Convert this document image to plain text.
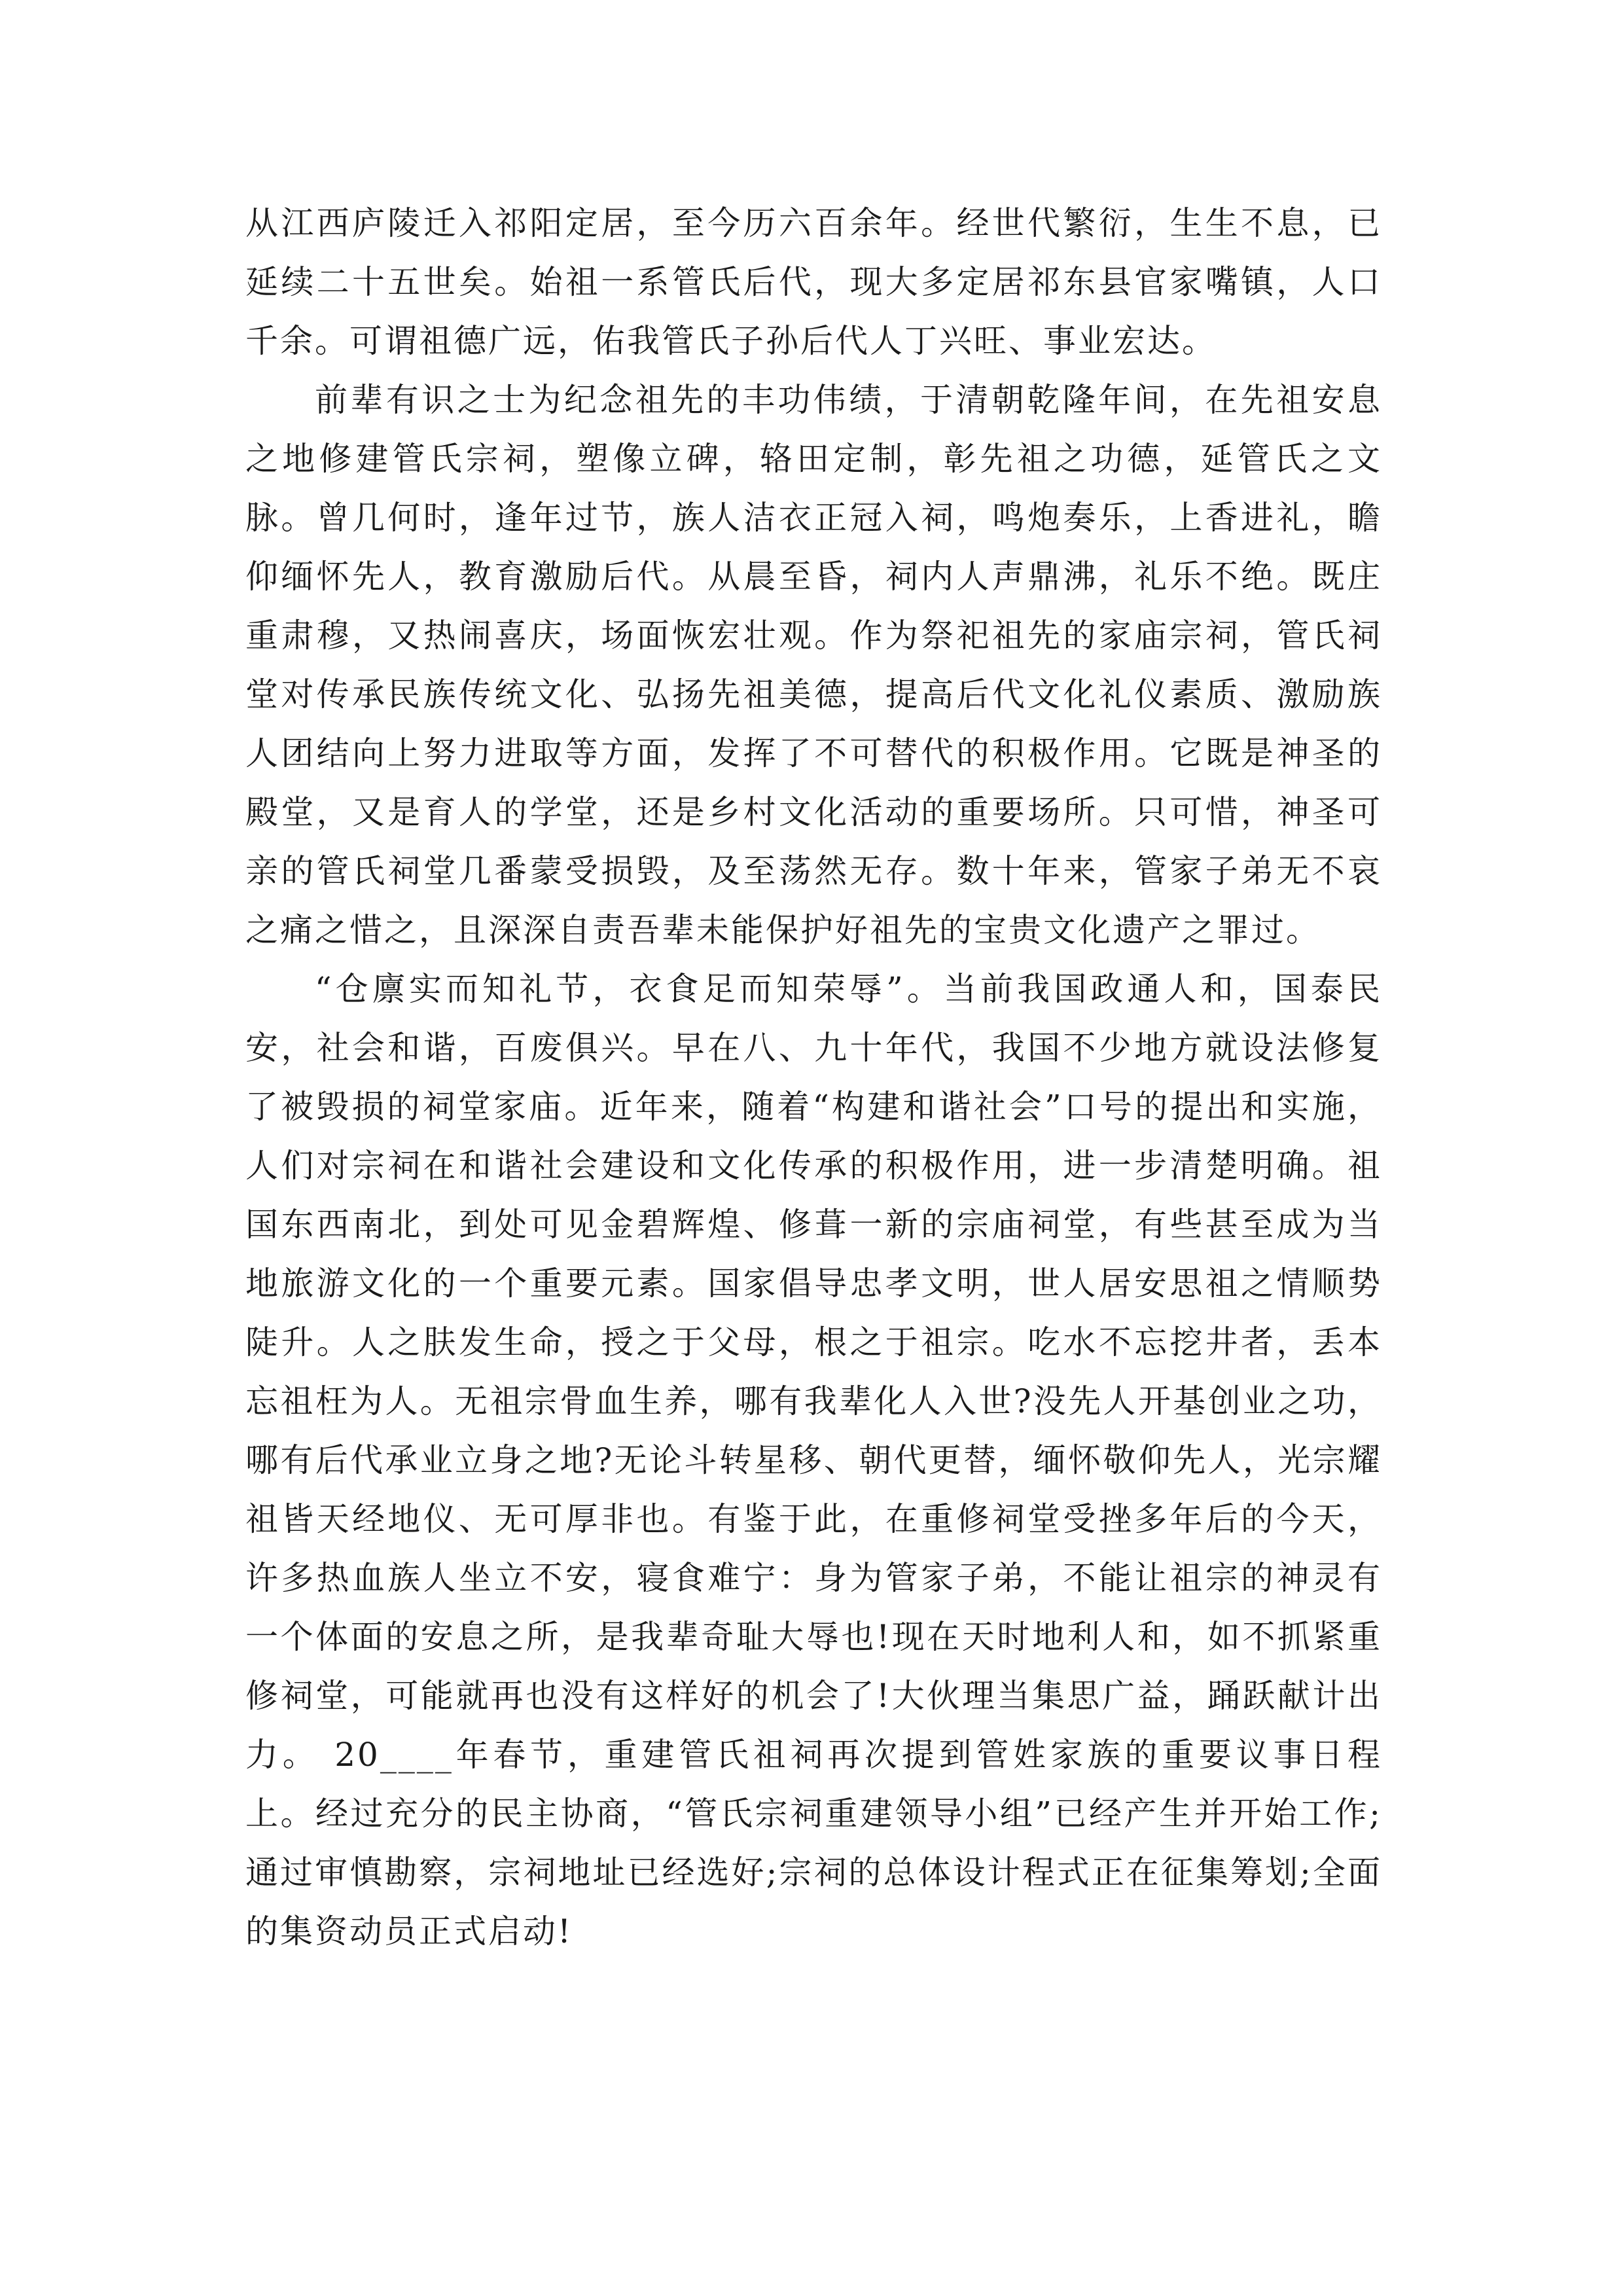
从江西庐陵迁入祁阳定居，至今历六百余年。经世代繁衍，生生不息，已延续二十五世矣。始祖一系管氏后代，现大多定居祁东县官家嘴镇，人口千余。可谓祖德广远，佑我管氏子孙后代人丁兴旺、事业宏达。

前辈有识之士为纪念祖先的丰功伟绩，于清朝乾隆年间，在先祖安息之地修建管氏宗祠，塑像立碑，辂田定制，彰先祖之功德，延管氏之文脉。曾几何时，逢年过节，族人洁衣正冠入祠，鸣炮奏乐，上香进礼，瞻仰缅怀先人，教育激励后代。从晨至昏，祠内人声鼎沸，礼乐不绝。既庄重肃穆，又热闹喜庆，场面恢宏壮观。作为祭祀祖先的家庙宗祠，管氏祠堂对传承民族传统文化、弘扬先祖美德，提高后代文化礼仪素质、激励族人团结向上努力进取等方面，发挥了不可替代的积极作用。它既是神圣的殿堂，又是育人的学堂，还是乡村文化活动的重要场所。只可惜，神圣可亲的管氏祠堂几番蒙受损毁，及至荡然无存。数十年来，管家子弟无不哀之痛之惜之，且深深自责吾辈未能保护好祖先的宝贵文化遗产之罪过。

“仓廪实而知礼节，衣食足而知荣辱”。当前我国政通人和，国泰民安，社会和谐，百废俱兴。早在八、九十年代，我国不少地方就设法修复了被毁损的祠堂家庙。近年来，随着“构建和谐社会”口号的提出和实施，人们对宗祠在和谐社会建设和文化传承的积极作用，进一步清楚明确。祖国东西南北，到处可见金碧辉煌、修葺一新的宗庙祠堂，有些甚至成为当地旅游文化的一个重要元素。国家倡导忠孝文明，世人居安思祖之情顺势陡升。人之肤发生命，授之于父母，根之于祖宗。吃水不忘挖井者，丢本忘祖枉为人。无祖宗骨血生养，哪有我辈化人入世?没先人开基创业之功，哪有后代承业立身之地?无论斗转星移、朝代更替，缅怀敬仰先人，光宗耀祖皆天经地仪、无可厚非也。有鉴于此，在重修祠堂受挫多年后的今天，许多热血族人坐立不安，寝食难宁：身为管家子弟，不能让祖宗的神灵有一个体面的安息之所，是我辈奇耻大辱也!现在天时地利人和，如不抓紧重修祠堂，可能就再也没有这样好的机会了!大伙理当集思广益，踊跃献计出力。 20____年春节，重建管氏祖祠再次提到管姓家族的重要议事日程上。经过充分的民主协商，“管氏宗祠重建领导小组”已经产生并开始工作;通过审慎勘察，宗祠地址已经选好;宗祠的总体设计程式正在征集筹划;全面的集资动员正式启动!
